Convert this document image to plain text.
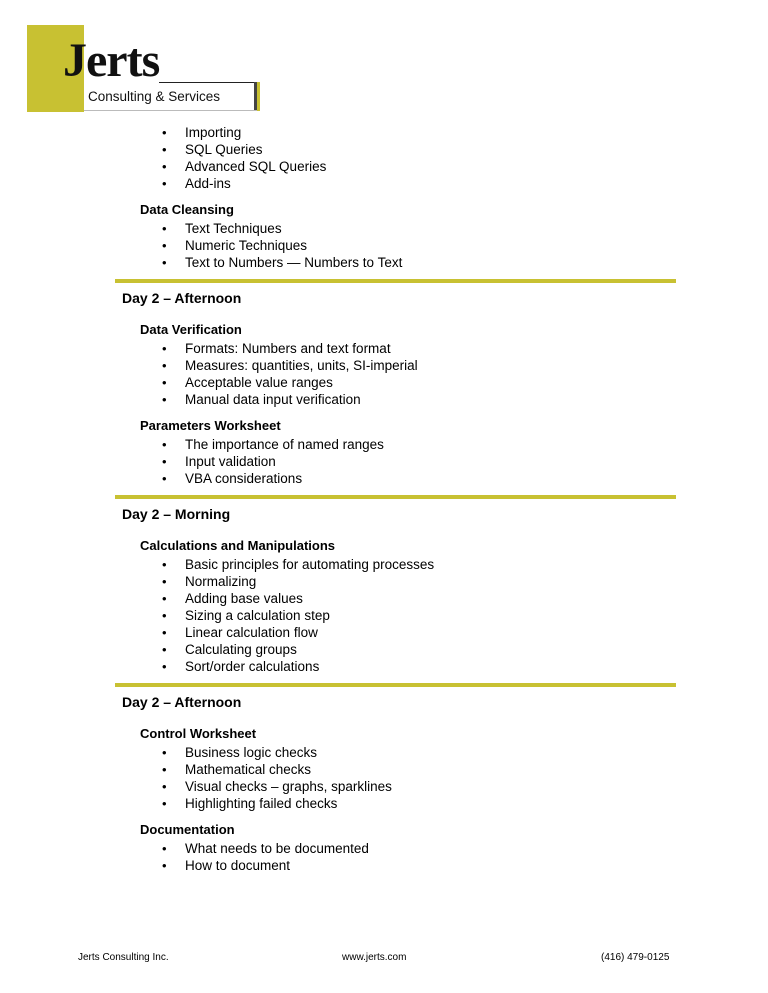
Jerts
Consulting & Services
• Importing
• SQL Queries
• Advanced SQL Queries
• Add-ins
Data Cleansing
• Text Techniques
• Numeric Techniques
• Text to Numbers — Numbers to Text
Day 2 – Afternoon
Data Verification
• Formats: Numbers and text format
• Measures: quantities, units, SI-imperial
• Acceptable value ranges
• Manual data input verification
Parameters Worksheet
• The importance of named ranges
• Input validation
• VBA considerations
Day 2 – Morning
Calculations and Manipulations
• Basic principles for automating processes
• Normalizing
• Adding base values
• Sizing a calculation step
• Linear calculation flow
• Calculating groups
• Sort/order calculations
Day 2 – Afternoon
Control Worksheet
• Business logic checks
• Mathematical checks
• Visual checks – graphs, sparklines
• Highlighting failed checks
Documentation
• What needs to be documented
• How to document
Jerts Consulting Inc.	www.jerts.com	(416) 479-0125
